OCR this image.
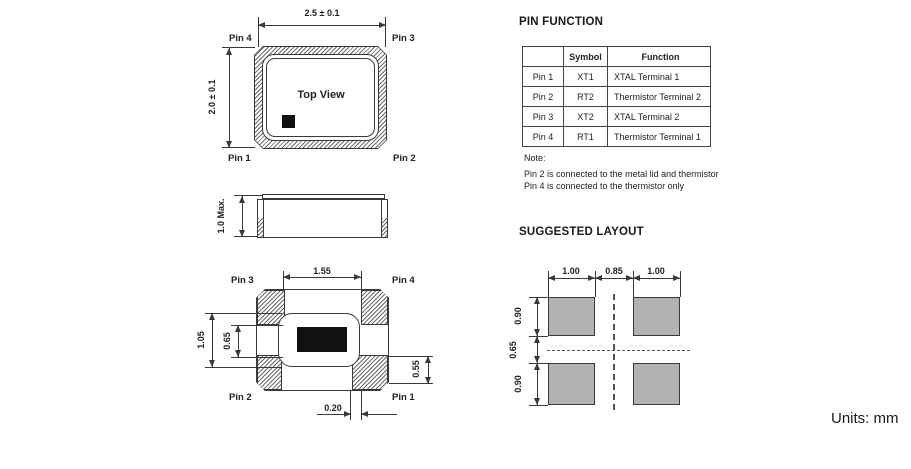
2.5 ± 0.1
Top View
Pin 4	Pin 3
Pin 1	Pin 2
2.0 ± 0.1
1.0 Max.
1.55
1.05 0.65
0.55
0.20
Pin 3	Pin 4
Pin 2	Pin 1
PIN FUNCTION
	Symbol	Function
Pin 1	XT1	XTAL Terminal 1
Pin 2	RT2	Thermistor Terminal 2
Pin 3	XT2	XTAL Terminal 2
Pin 4	RT1	Thermistor Terminal 1
Note:
Pin 2 is connected to the metal lid and thermistor
Pin 4 is connected to the thermistor only
SUGGESTED LAYOUT
1.00	0.85	1.00
0.90
0.65
0.90
Units: mm
